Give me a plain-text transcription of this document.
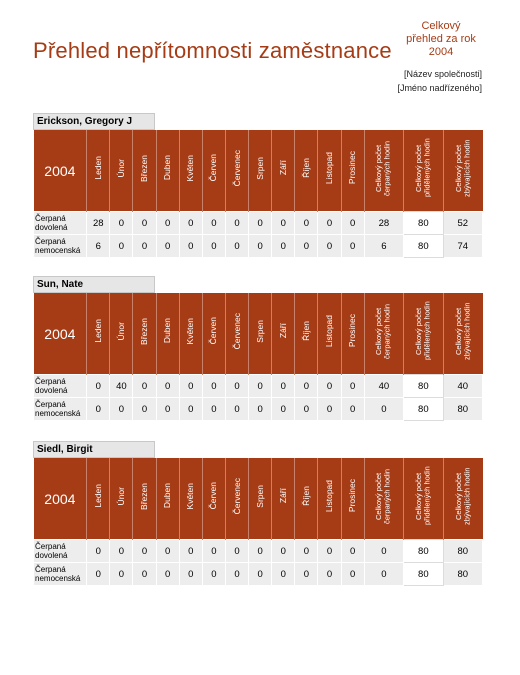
Přehled nepřítomnosti zaměstnance
Celkový přehled za rok 2004
[Název společnosti]
[Jméno nadřízeného]
Erickson, Gregory J
2004	Leden	Únor	Březen	Duben	Květen	Červen	Červenec	Srpen	Září	Říjen	Listopad	Prosinec	Celkový počet čerpaných hodin	Celkový počet přidělených hodin	Celkový počet zbývajících hodin
Čerpaná dovolená	28	0	0	0	0	0	0	0	0	0	0	0	28	80	52
Čerpaná nemocenská	6	0	0	0	0	0	0	0	0	0	0	0	6	80	74
Sun, Nate
2004	Leden	Únor	Březen	Duben	Květen	Červen	Červenec	Srpen	Září	Říjen	Listopad	Prosinec	Celkový počet čerpaných hodin	Celkový počet přidělených hodin	Celkový počet zbývajících hodin
Čerpaná dovolená	0	40	0	0	0	0	0	0	0	0	0	0	40	80	40
Čerpaná nemocenská	0	0	0	0	0	0	0	0	0	0	0	0	0	80	80
Siedl, Birgit
2004	Leden	Únor	Březen	Duben	Květen	Červen	Červenec	Srpen	Září	Říjen	Listopad	Prosinec	Celkový počet čerpaných hodin	Celkový počet přidělených hodin	Celkový počet zbývajících hodin
Čerpaná dovolená	0	0	0	0	0	0	0	0	0	0	0	0	0	80	80
Čerpaná nemocenská	0	0	0	0	0	0	0	0	0	0	0	0	0	80	80
